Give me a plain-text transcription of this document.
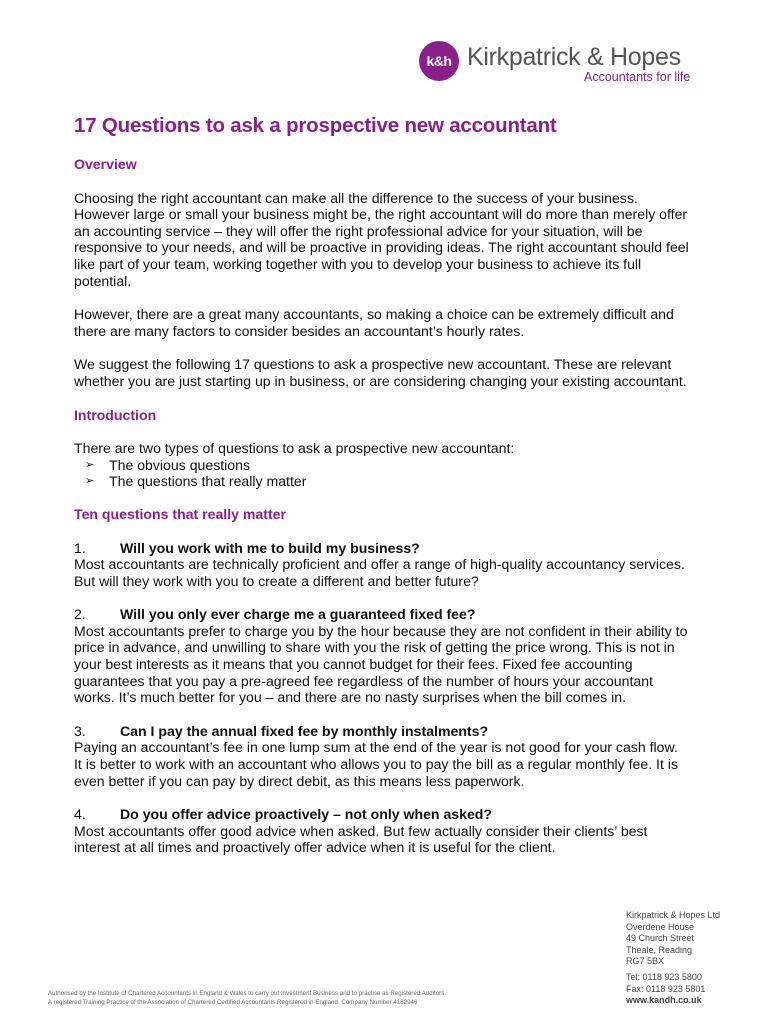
k&h Kirkpatrick & Hopes
Accountants for life
17 Questions to ask a prospective new accountant
Overview

Choosing the right accountant can make all the difference to the success of your business. However large or small your business might be, the right accountant will do more than merely offer an accounting service – they will offer the right professional advice for your situation, will be responsive to your needs, and will be proactive in providing ideas. The right accountant should feel like part of your team, working together with you to develop your business to achieve its full potential.

However, there are a great many accountants, so making a choice can be extremely difficult and there are many factors to consider besides an accountant’s hourly rates.

We suggest the following 17 questions to ask a prospective new accountant. These are relevant whether you are just starting up in business, or are considering changing your existing accountant.

Introduction
There are two types of questions to ask a prospective new accountant:
➢ The obvious questions
➢ The questions that really matter
Ten questions that really matter
1. Will you work with me to build my business?
Most accountants are technically proficient and offer a range of high-quality accountancy services. But will they work with you to create a different and better future?
2. Will you only ever charge me a guaranteed fixed fee?
Most accountants prefer to charge you by the hour because they are not confident in their ability to price in advance, and unwilling to share with you the risk of getting the price wrong. This is not in your best interests as it means that you cannot budget for their fees. Fixed fee accounting guarantees that you pay a pre-agreed fee regardless of the number of hours your accountant works. It’s much better for you – and there are no nasty surprises when the bill comes in.
3. Can I pay the annual fixed fee by monthly instalments?
Paying an accountant’s fee in one lump sum at the end of the year is not good for your cash flow. It is better to work with an accountant who allows you to pay the bill as a regular monthly fee. It is even better if you can pay by direct debit, as this means less paperwork.
4. Do you offer advice proactively – not only when asked?
Most accountants offer good advice when asked. But few actually consider their clients’ best interest at all times and proactively offer advice when it is useful for the client.
Kirkpatrick & Hopes Ltd
Overdene House
49 Church Street
Theale, Reading
RG7 5BX
Tel: 0118 923 5800
Fax: 0118 923 5801
www.kandh.co.uk
Authorised by the Institute of Chartered Accountants in England & Wales to carry out Investment Business and to practise as Registered Auditors.
A registered Training Practice of the Association of Chartered Certified Accountants Registered in England. Company Number 4182946
